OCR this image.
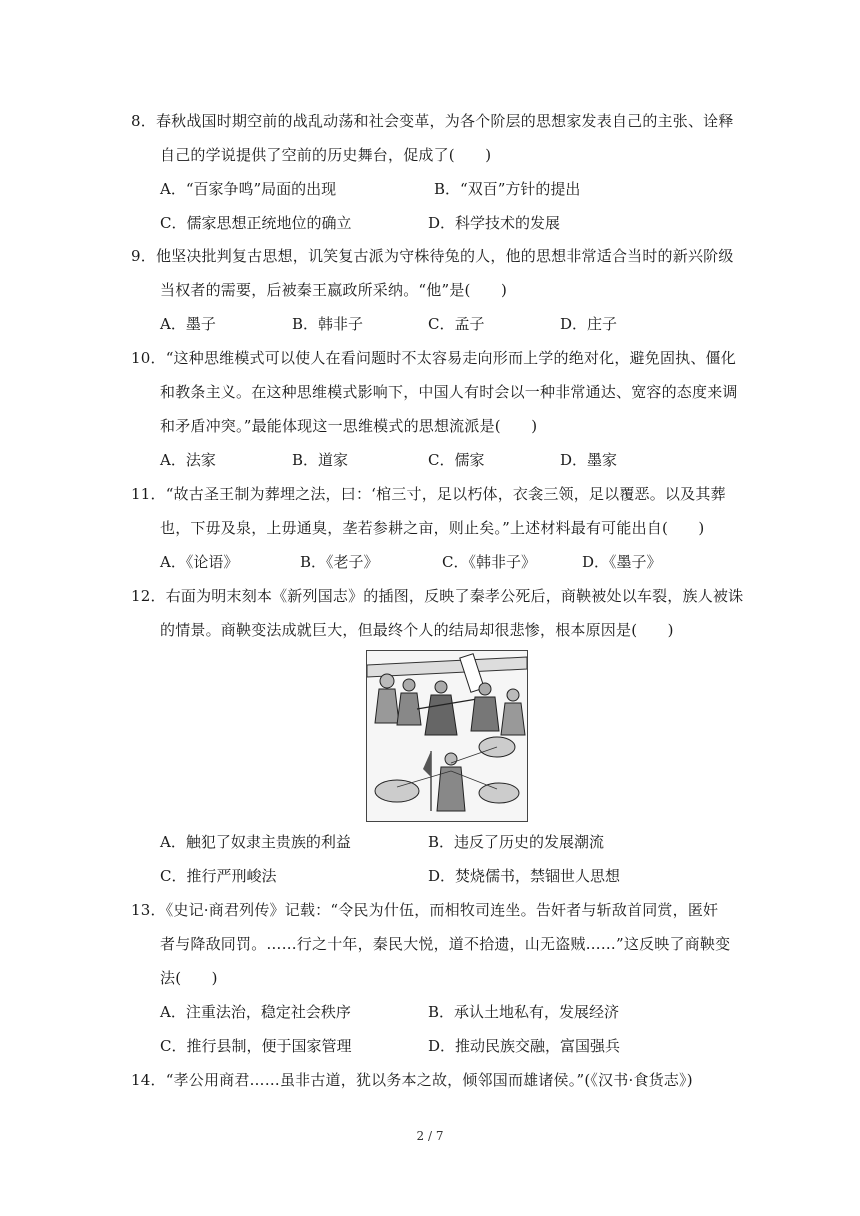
8．春秋战国时期空前的战乱动荡和社会变革，为各个阶层的思想家发表自己的主张、诠释
自己的学说提供了空前的历史舞台，促成了(　　)
A．“百家争鸣”局面的出现	B．“双百”方针的提出
C．儒家思想正统地位的确立	D．科学技术的发展
9．他坚决批判复古思想，讥笑复古派为守株待兔的人，他的思想非常适合当时的新兴阶级
当权者的需要，后被秦王嬴政所采纳。“他”是(　　)
A．墨子	B．韩非子	C．孟子	D．庄子
10．“这种思维模式可以使人在看问题时不太容易走向形而上学的绝对化，避免固执、僵化
和教条主义。在这种思维模式影响下，中国人有时会以一种非常通达、宽容的态度来调
和矛盾冲突。”最能体现这一思维模式的思想流派是(　　)
A．法家	B．道家	C．儒家	D．墨家
11．“故古圣王制为葬埋之法，曰：‘棺三寸，足以朽体，衣衾三领，足以覆恶。以及其葬
也，下毋及泉，上毋通臭，垄若参耕之亩，则止矣。”上述材料最有可能出自(　　)
A．《论语》	B．《老子》	C．《韩非子》	D．《墨子》
12．右面为明末刻本《新列国志》的插图，反映了秦孝公死后，商鞅被处以车裂，族人被诛
的情景。商鞅变法成就巨大，但最终个人的结局却很悲惨，根本原因是(　　)
A．触犯了奴隶主贵族的利益	B．违反了历史的发展潮流
C．推行严刑峻法	D．焚烧儒书，禁锢世人思想
13．《史记·商君列传》记载：“令民为什伍，而相牧司连坐。告奸者与斩敌首同赏，匿奸
者与降敌同罚。……行之十年，秦民大悦，道不拾遗，山无盗贼……”这反映了商鞅变
法(　　)
A．注重法治，稳定社会秩序	B．承认土地私有，发展经济
C．推行县制，便于国家管理	D．推动民族交融，富国强兵
14．“孝公用商君……虽非古道，犹以务本之故，倾邻国而雄诸侯。”(《汉书·食货志》)
2 / 7
